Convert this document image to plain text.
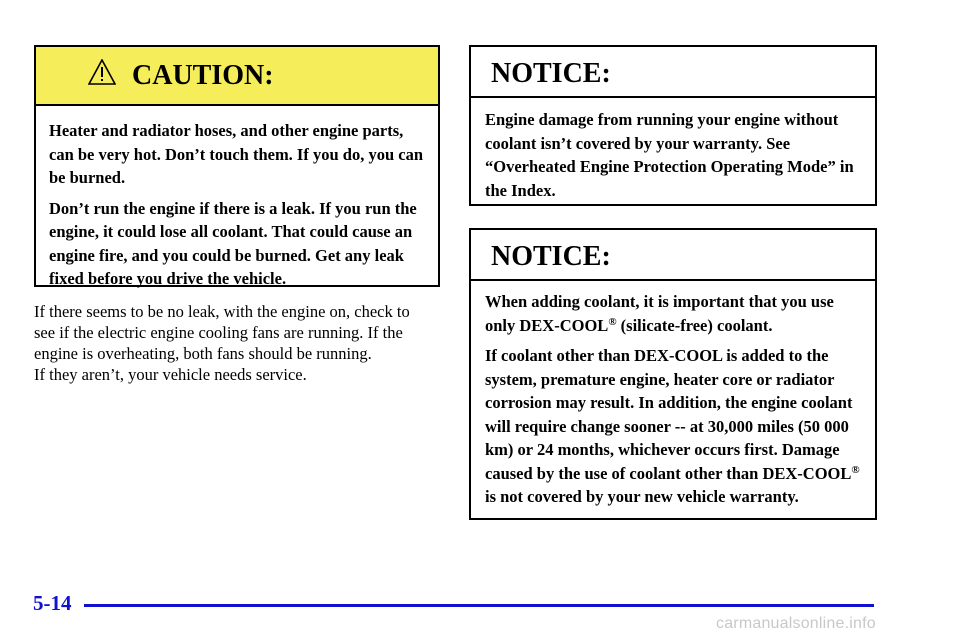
CAUTION:

Heater and radiator hoses, and other engine parts, can be very hot. Don’t touch them. If you do, you can be burned.

Don’t run the engine if there is a leak. If you run the engine, it could lose all coolant. That could cause an engine fire, and you could be burned. Get any leak fixed before you drive the vehicle.

If there seems to be no leak, with the engine on, check to
see if the electric engine cooling fans are running. If the
engine is overheating, both fans should be running.
If they aren’t, your vehicle needs service.
NOTICE:

Engine damage from running your engine without coolant isn’t covered by your warranty. See “Overheated Engine Protection Operating Mode” in the Index.

NOTICE:

When adding coolant, it is important that you use only DEX-COOL® (silicate-free) coolant.

If coolant other than DEX-COOL is added to the system, premature engine, heater core or radiator corrosion may result. In addition, the engine coolant will require change sooner -- at 30,000 miles (50 000 km) or 24 months, whichever occurs first. Damage caused by the use of coolant other than DEX-COOL® is not covered by your new vehicle warranty.

5-14
carmanualsonline.info
